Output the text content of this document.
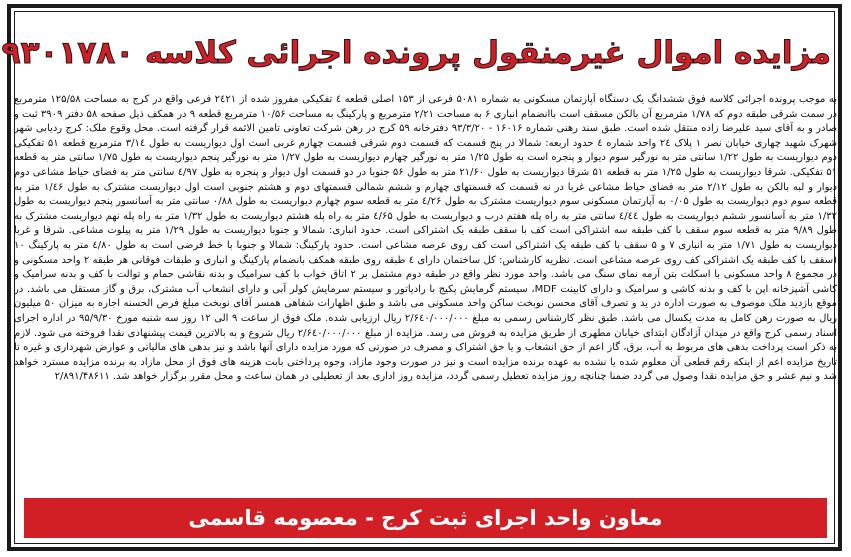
مزایده اموال غیرمنقول پرونده اجرائی کلاسه ۹۳۰۱۷۸۰

به موجب پرونده اجرائی کلاسه فوق ششدانگ یک دستگاه آپارتمان مسکونی به شماره ۵۰۸۱ فرعی از ۱۵۳ اصلی قطعه ٤ تفکیکی مفروز شده از ۲٤۲۱ فرعی واقع در کرج به مساحت ۱۲۵/۵۸ مترمربع در سمت شرقی طبقه دوم که ۱/۷۸ مترمربع آن بالکن مسقف است باانضمام انباری ۶ به مساحت ۲/۲۱ مترمربع و پارکینگ به مساحت ۱۰/۵۶ مترمربع قطعه ۹ در همکف ذیل صفحه ۵۸ دفتر ۳۹۰۹ ثبت و صادر و به آقای سید علیرضا زاده منتقل شده است. طبق سند رهنی شماره ۱۶۰۱۶ - ۹۳/۳/۲۰ دفترخانه ۵۹ کرج در رهن شرکت تعاونی تامین الائمه قرار گرفته است. محل وقوع ملک: کرج ردیابی شهر شهرک شهید چهاری خیابان نصر ۱ پلاک ۲٤ واحد شماره ٤ حدود اربعه: شمالا در پنج قسمت که قسمت دوم شرقی قسمت چهارم غربی است اول دیواریست به طول ۳/۱٤ مترمربع قطعه ۵۱ تفکیکی دوم دیواریست به طول ۱/۲۲ سانتی متر به نورگیر سوم دیوار و پنجره است به طول ۱/۲۵ متر به نورگیر چهارم دیواریست به طول ۱/۲۷ متر به نورگیر پنجم دیواریست به طول ۱/۷۵ سانتی متر به قطعه ۵۱ تفکیکی. شرقا دیواریست به طول ۱/۲۵ متر به قطعه ۵۱ شرقا دیواریست به طول ۲۱/۶۰ متر به طول ۵۶ جنوبا در دو قسمت اول دیوار و پنجره به طول ٤/۹۷ سانتی متر به فضای حیاط مشاعی دوم دیوار و لبه بالکن به طول ۲/۱۲ متر به فضای حیاط مشاعی غربا در نه قسمت که قسمتهای چهارم و ششم شمالی قسمتهای دوم و هشتم جنوبی است اول دیواریست مشترک به طول ۱/٤۶ متر به قطعه سوم دوم دیواریست به طول ۰/۰۵ به آپارتمان مسکونی سوم دیواریست مشترک به طول ٤/۲۶ متر به قطعه سوم چهارم دیواریست به طول ۰/۸۸ سانتی متر به آسانسور پنجم دیواریست به طول ۱/۳۲ متر به آسانسور ششم دیواریست به طول ٤/٤٤ سانتی متر به راه پله هفتم درب و دیواریست به طول ٤/۶۵ متر به راه پله هشتم دیواریست به طول ۱/۳۲ متر به راه پله نهم دیواریست مشترک به طول ۹/۸۹ متر به قطعه سوم سقف با کف طبقه سه اشتراکی است کف با سقف طبقه یک اشتراکی است. حدود انباری: شمالا و جنوبا دیواریست به طول ۱/۲۹ متر به پیلوت مشاعی. شرقا و غربا دیواریست به طول ۱/۷۱ متر به انباری ۷ و ۵ سقف با کف طبقه یک اشتراکی است کف روی عرصه مشاعی است. حدود پارکینگ: شمالا و جنوبا با خط فرضی است به طول ٤/۸۰ متر به پارکینگ ۱۰ (سقف با کف طبقه یک اشتراکی کف روی عرصه مشاعی است. نظریه کارشناس: کل ساختمان دارای ٤ طبقه روی طبقه همکف بانضمام پارکینگ و انباری و طبقات فوقانی هر طبقه ۲ واحد مسکونی و در مجموع ۸ واحد مسکونی با اسکلت بتن آرمه نمای سنگ می باشد. واحد مورد نظر واقع در طبقه دوم مشتمل بر ۲ اتاق خواب با کف سرامیک و بدنه نقاشی حمام و توالت با کف و بدنه سرامیک و کاشی آشپزخانه اپن با کف و بدنه کاشی و سرامیک و دارای کابینت MDF، سیستم گرمایش پکیج با رادیاتور و سیستم سرمایش کولر آبی و دارای انشعاب آب مشترک، برق و گاز مستقل می باشد. در موقع بازدید ملک موصوف به صورت اداره در ید و تصرف آقای محسن نوبخت ساکن واحد مسکونی می باشد و طبق اظهارات شفاهی همسر آقای نوبخت مبلغ فرض الحسنه اجاره به میزان ۵۰ میلیون ریال به صورت رهن کامل به مدت یکسال می باشد. طبق نظر کارشناس رسمی به مبلغ ۲/۶٤۰/۰۰۰/۰۰۰ ریال ارزیابی شده. ملک فوق از ساعت ۹ الی ۱۲ روز سه شنبه مورخ ۹۵/۹/۳۰ در اداره اجرای اسناد رسمی کرج واقع در میدان آزادگان ابتدای خیابان مطهری از طریق مزایده به فروش می رسد. مزایده از مبلغ ۲/۶٤۰/۰۰۰/۰۰۰ ریال شروع و به بالاترین قیمت پیشنهادی نقدا فروخته می شود. لازم به ذکر است پرداخت بدهی های مربوط به آب، برق، گاز اعم از حق انشعاب و یا حق اشتراک و مصرف در صورتی که مورد مزایده دارای آنها باشد و نیز بدهی های مالیاتی و عوارض شهرداری و غیره تا تاریخ مزایده اعم از اینکه رقم قطعی آن معلوم شده یا نشده به عهده برنده مزایده است و نیز در صورت وجود مازاد، وجوه پرداختی بابت هزینه های فوق از محل مازاد به برنده مزایده مسترد خواهد شد و نیم عشر و حق مزایده نقدا وصول می گردد ضمنا چنانچه روز مزایده تعطیل رسمی گردد، مزایده روز اداری بعد از تعطیلی در همان ساعت و محل مقرر برگزار خواهد شد. ۲/۸۹۱/۴۸۶۱۱

معاون واحد اجرای ثبت کرج - معصومه قاسمی
